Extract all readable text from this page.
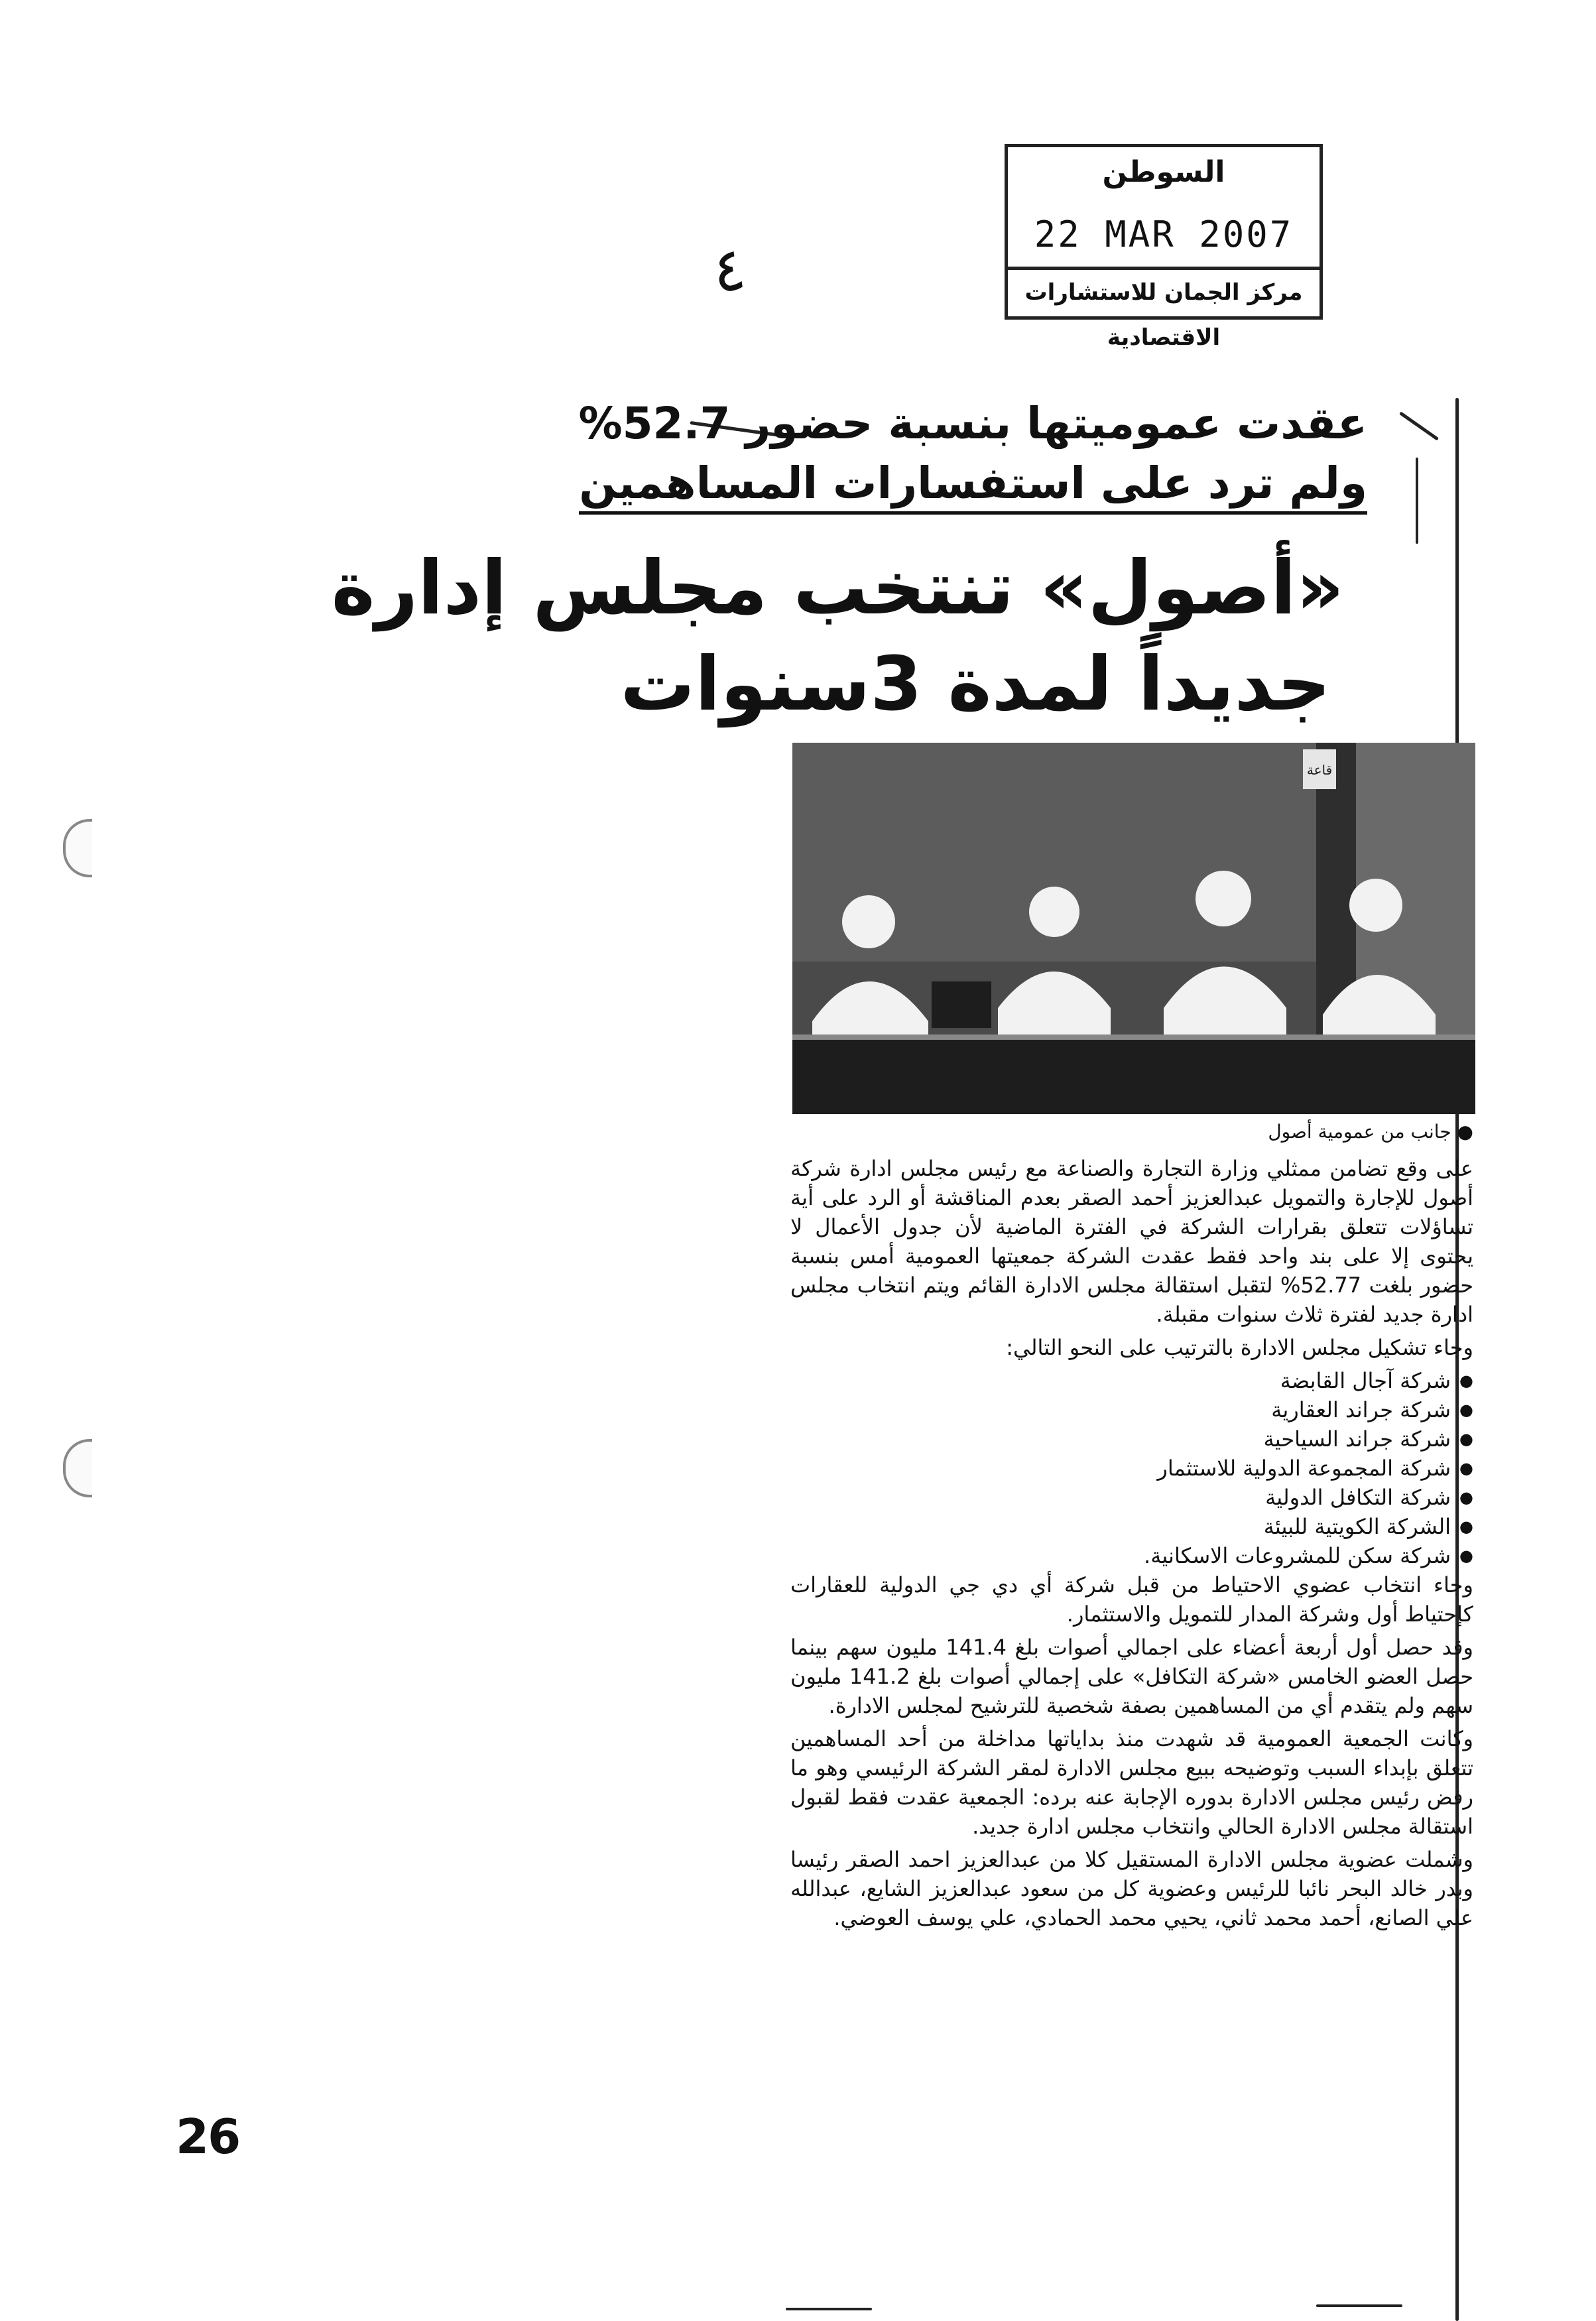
السوطن
22 MAR 2007
مركز الجمان للاستشارات الاقتصادية
٤
عقدت عموميتها بنسبة حضور 52.7%
ولم ترد على استفسارات المساهمين
«أصول» تنتخب مجلس إدارة
جديداً لمدة 3سنوات
قاعة
● جانب من عمومية أصول

على وقع تضامن ممثلي وزارة التجارة والصناعة مع رئيس مجلس ادارة شركة أصول للإجارة والتمويل عبدالعزيز أحمد الصقر بعدم المناقشة أو الرد على أية تساؤلات تتعلق بقرارات الشركة في الفترة الماضية لأن جدول الأعمال لا يحتوى إلا على بند واحد فقط عقدت الشركة جمعيتها العمومية أمس بنسبة حضور بلغت 52.77% لتقبل استقالة مجلس الادارة القائم ويتم انتخاب مجلس ادارة جديد لفترة ثلاث سنوات مقبلة.

وجاء تشكيل مجلس الادارة بالترتيب على النحو التالي:

● شركة آجال القابضة
● شركة جراند العقارية
● شركة جراند السياحية
● شركة المجموعة الدولية للاستثمار
● شركة التكافل الدولية
● الشركة الكويتية للبيئة
● شركة سكن للمشروعات الاسكانية.

وجاء انتخاب عضوي الاحتياط من قبل شركة أي دي جي الدولية للعقارات كإحتياط أول وشركة المدار للتمويل والاستثمار.

وقد حصل أول أربعة أعضاء على اجمالي أصوات بلغ 141.4 مليون سهم بينما حصل العضو الخامس «شركة التكافل» على إجمالي أصوات بلغ 141.2 مليون سهم ولم يتقدم أي من المساهمين بصفة شخصية للترشيح لمجلس الادارة.

وكانت الجمعية العمومية قد شهدت منذ بداياتها مداخلة من أحد المساهمين تتعلق بإبداء السبب وتوضيحه ببيع مجلس الادارة لمقر الشركة الرئيسي وهو ما رفض رئيس مجلس الادارة بدوره الإجابة عنه برده: الجمعية عقدت فقط لقبول استقالة مجلس الادارة الحالي وانتخاب مجلس ادارة جديد.

وشملت عضوية مجلس الادارة المستقيل كلا من عبدالعزيز احمد الصقر رئيسا وبدر خالد البحر نائبا للرئيس وعضوية كل من سعود عبدالعزيز الشايع، عبدالله علي الصانع، أحمد محمد ثاني، يحيي محمد الحمادي، علي يوسف العوضي.

26
